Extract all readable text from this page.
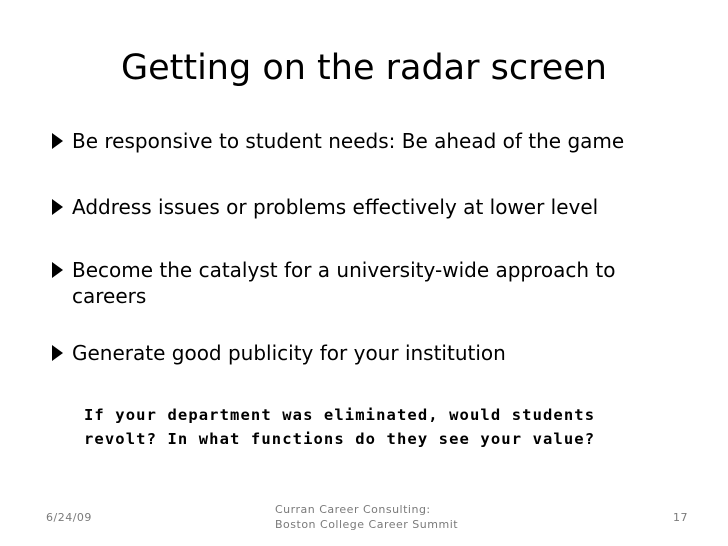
Getting on the radar screen
Be responsive to student needs: Be ahead of the game
Address issues or problems effectively at lower level
Become the catalyst for a university-wide approach to careers
Generate good publicity for your institution
If your department was eliminated, would students
revolt? In what functions do they see your value?
6/24/09
Curran Career Consulting:
Boston College Career Summit
17
